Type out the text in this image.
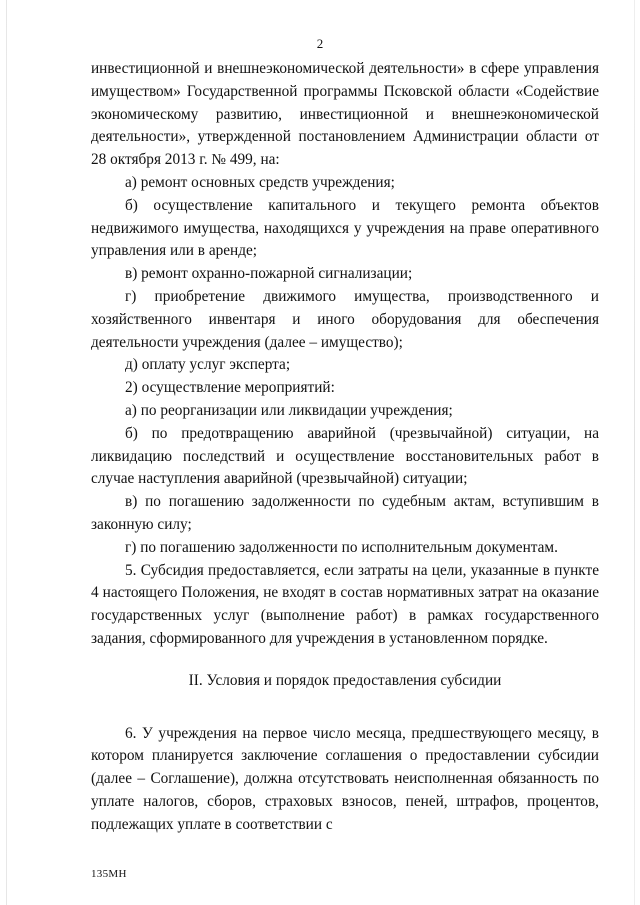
2

инвестиционной и внешнеэкономической деятельности» в сфере управления имуществом» Государственной программы Псковской области «Содействие экономическому развитию, инвестиционной и внешнеэкономической деятельности», утвержденной постановлением Администрации области от 28 октября 2013 г. № 499, на:

а) ремонт основных средств учреждения;

б) осуществление капитального и текущего ремонта объектов недвижимого имущества, находящихся у учреждения на праве оперативного управления или в аренде;

в) ремонт охранно-пожарной сигнализации;

г) приобретение движимого имущества, производственного и хозяйственного инвентаря и иного оборудования для обеспечения деятельности учреждения (далее – имущество);

д) оплату услуг эксперта;

2) осуществление мероприятий:

а) по реорганизации или ликвидации учреждения;

б) по предотвращению аварийной (чрезвычайной) ситуации, на ликвидацию последствий и осуществление восстановительных работ в случае наступления аварийной (чрезвычайной) ситуации;

в) по погашению задолженности по судебным актам, вступившим в законную силу;

г) по погашению задолженности по исполнительным документам.

5. Субсидия предоставляется, если затраты на цели, указанные в пункте 4 настоящего Положения, не входят в состав нормативных затрат на оказание государственных услуг (выполнение работ) в рамках государственного задания, сформированного для учреждения в установленном порядке.

II. Условия и порядок предоставления субсидии

6. У учреждения на первое число месяца, предшествующего месяцу, в котором планируется заключение соглашения о предоставлении субсидии (далее – Соглашение), должна отсутствовать неисполненная обязанность по уплате налогов, сборов, страховых взносов, пеней, штрафов, процентов, подлежащих уплате в соответствии с

135МН
